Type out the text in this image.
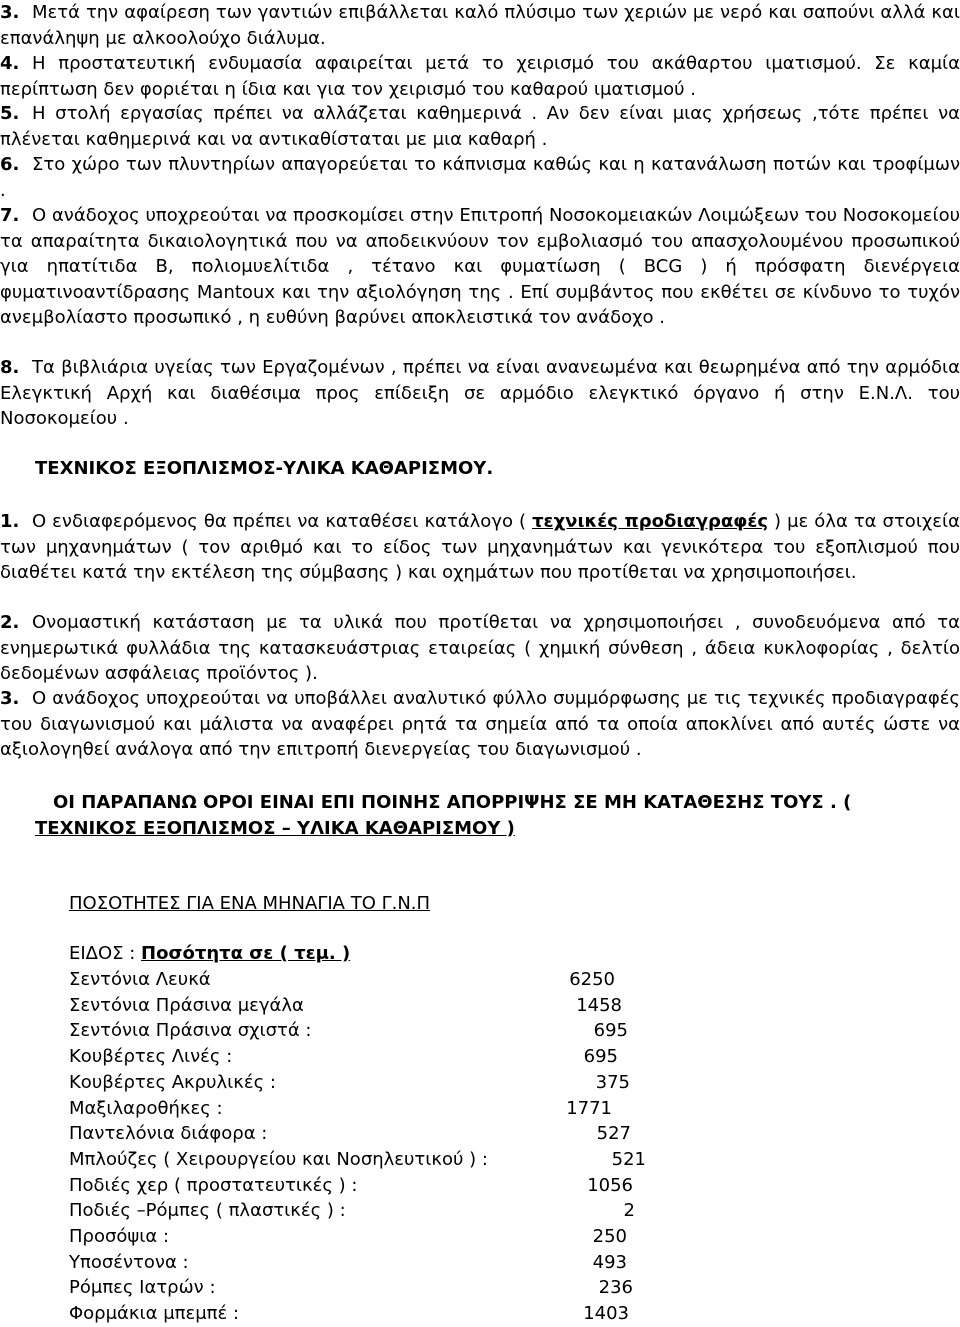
3. Μετά την αφαίρεση των γαντιών επιβάλλεται καλό πλύσιμο των χεριών με νερό και σαπούνι αλλά και επανάληψη με αλκοολούχο διάλυμα.
4. Η προστατευτική ενδυμασία αφαιρείται μετά το χειρισμό του ακάθαρτου ιματισμού. Σε καμία περίπτωση δεν φοριέται η ίδια και για τον χειρισμό του καθαρού ιματισμού .
5. Η στολή εργασίας πρέπει να αλλάζεται καθημερινά . Αν δεν είναι μιας χρήσεως ,τότε πρέπει να πλένεται καθημερινά και να αντικαθίσταται με μια καθαρή .
6. Στο χώρο των πλυντηρίων απαγορεύεται το κάπνισμα καθώς και η κατανάλωση ποτών και τροφίμων .
7. Ο ανάδοχος υποχρεούται να προσκομίσει στην Επιτροπή Νοσοκομειακών Λοιμώξεων του Νοσοκομείου τα απαραίτητα δικαιολογητικά που να αποδεικνύουν τον εμβολιασμό του απασχολουμένου προσωπικού για ηπατίτιδα Β, πολιομυελίτιδα , τέτανο και φυματίωση ( BCG ) ή πρόσφατη διενέργεια φυματινοαντίδρασης Mantoux και την αξιολόγηση της . Επί συμβάντος που εκθέτει σε κίνδυνο το τυχόν ανεμβολίαστο προσωπικό , η ευθύνη βαρύνει αποκλειστικά τον ανάδοχο .
8. Τα βιβλιάρια υγείας των Εργαζομένων , πρέπει να είναι ανανεωμένα και θεωρημένα από την αρμόδια Ελεγκτική Αρχή και διαθέσιμα προς επίδειξη σε αρμόδιο ελεγκτικό όργανο ή στην Ε.Ν.Λ. του Νοσοκομείου .
ΤΕΧΝΙΚΟΣ ΕΞΟΠΛΙΣΜΟΣ-ΥΛΙΚΑ ΚΑΘΑΡΙΣΜΟΥ.
1. Ο ενδιαφερόμενος θα πρέπει να καταθέσει κατάλογο ( τεχνικές προδιαγραφές ) με όλα τα στοιχεία των μηχανημάτων ( τον αριθμό και το είδος των μηχανημάτων και γενικότερα του εξοπλισμού που διαθέτει κατά την εκτέλεση της σύμβασης ) και οχημάτων που προτίθεται να χρησιμοποιήσει.
2. Ονομαστική κατάσταση με τα υλικά που προτίθεται να χρησιμοποιήσει , συνοδευόμενα από τα ενημερωτικά φυλλάδια της κατασκευάστριας εταιρείας ( χημική σύνθεση , άδεια κυκλοφορίας , δελτίο δεδομένων ασφάλειας προϊόντος ).
3. Ο ανάδοχος υποχρεούται να υποβάλλει αναλυτικό φύλλο συμμόρφωσης με τις τεχνικές προδιαγραφές του διαγωνισμού και μάλιστα να αναφέρει ρητά τα σημεία από τα οποία αποκλίνει από αυτές ώστε να αξιολογηθεί ανάλογα από την επιτροπή διενεργείας του διαγωνισμού .
ΟΙ ΠΑΡΑΠΑΝΩ ΟΡΟΙ ΕΙΝΑΙ ΕΠΙ ΠΟΙΝΗΣ ΑΠΟΡΡΙΨΗΣ ΣΕ ΜΗ ΚΑΤΑΘΕΣΗΣ ΤΟΥΣ . (
ΤΕΧΝΙΚΟΣ ΕΞΟΠΛΙΣΜΟΣ – ΥΛΙΚΑ ΚΑΘΑΡΙΣΜΟΥ )
ΠΟΣΟΤΗΤΕΣ ΓΙΑ ΕΝΑ ΜΗΝΑΓΙΑ ΤΟ Γ.Ν.Π
ΕΙΔΟΣ : Ποσότητα σε ( τεμ. )
Σεντόνια Λευκά	6250
Σεντόνια Πράσινα μεγάλα	1458
Σεντόνια Πράσινα σχιστά :	695
Κουβέρτες Λινές :	695
Κουβέρτες Ακρυλικές :	375
Μαξιλαροθήκες :	1771
Παντελόνια διάφορα :	527
Μπλούζες ( Χειρουργείου και Νοσηλευτικού ) :	521
Ποδιές χερ ( προστατευτικές ) :	1056
Ποδιές –Ρόμπες ( πλαστικές ) :	2
Προσόψια :	250
Υποσέντονα :	493
Ρόμπες Ιατρών :	236
Φορμάκια μπεμπέ :	1403
